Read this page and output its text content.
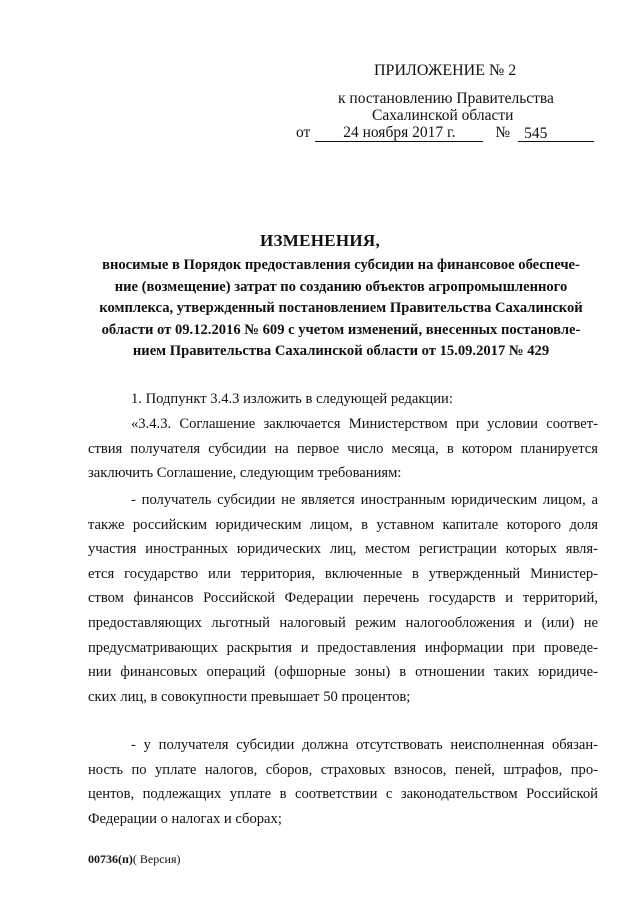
ПРИЛОЖЕНИЕ № 2
к постановлению Правительства
Сахалинской области
от	24 ноября 2017 г.	№ 545
ИЗМЕНЕНИЯ,
вносимые в Порядок предоставления субсидии на финансовое обеспече-
ние (возмещение) затрат по созданию объектов агропромышленного
комплекса, утвержденный постановлением Правительства Сахалинской
области от 09.12.2016 № 609 с учетом изменений, внесенных постановле-
нием Правительства Сахалинской области от 15.09.2017 № 429
1. Подпункт 3.4.3 изложить в следующей редакции:
«3.4.3. Соглашение заключается Министерством при условии соответ-
ствия получателя субсидии на первое число месяца, в котором планируется
заключить Соглашение, следующим требованиям:
- получатель субсидии не является иностранным юридическим лицом, а
также российским юридическим лицом, в уставном капитале которого доля
участия иностранных юридических лиц, местом регистрации которых явля-
ется государство или территория, включенные в утвержденный Министер-
ством финансов Российской Федерации перечень государств и территорий,
предоставляющих льготный налоговый режим налогообложения и (или) не
предусматривающих раскрытия и предоставления информации при проведе-
нии финансовых операций (офшорные зоны) в отношении таких юридиче-
ских лиц, в совокупности превышает 50 процентов;
- у получателя субсидии должна отсутствовать неисполненная обязан-
ность по уплате налогов, сборов, страховых взносов, пеней, штрафов, про-
центов, подлежащих уплате в соответствии с законодательством Российской
Федерации о налогах и сборах;
00736(п)( Версия)
